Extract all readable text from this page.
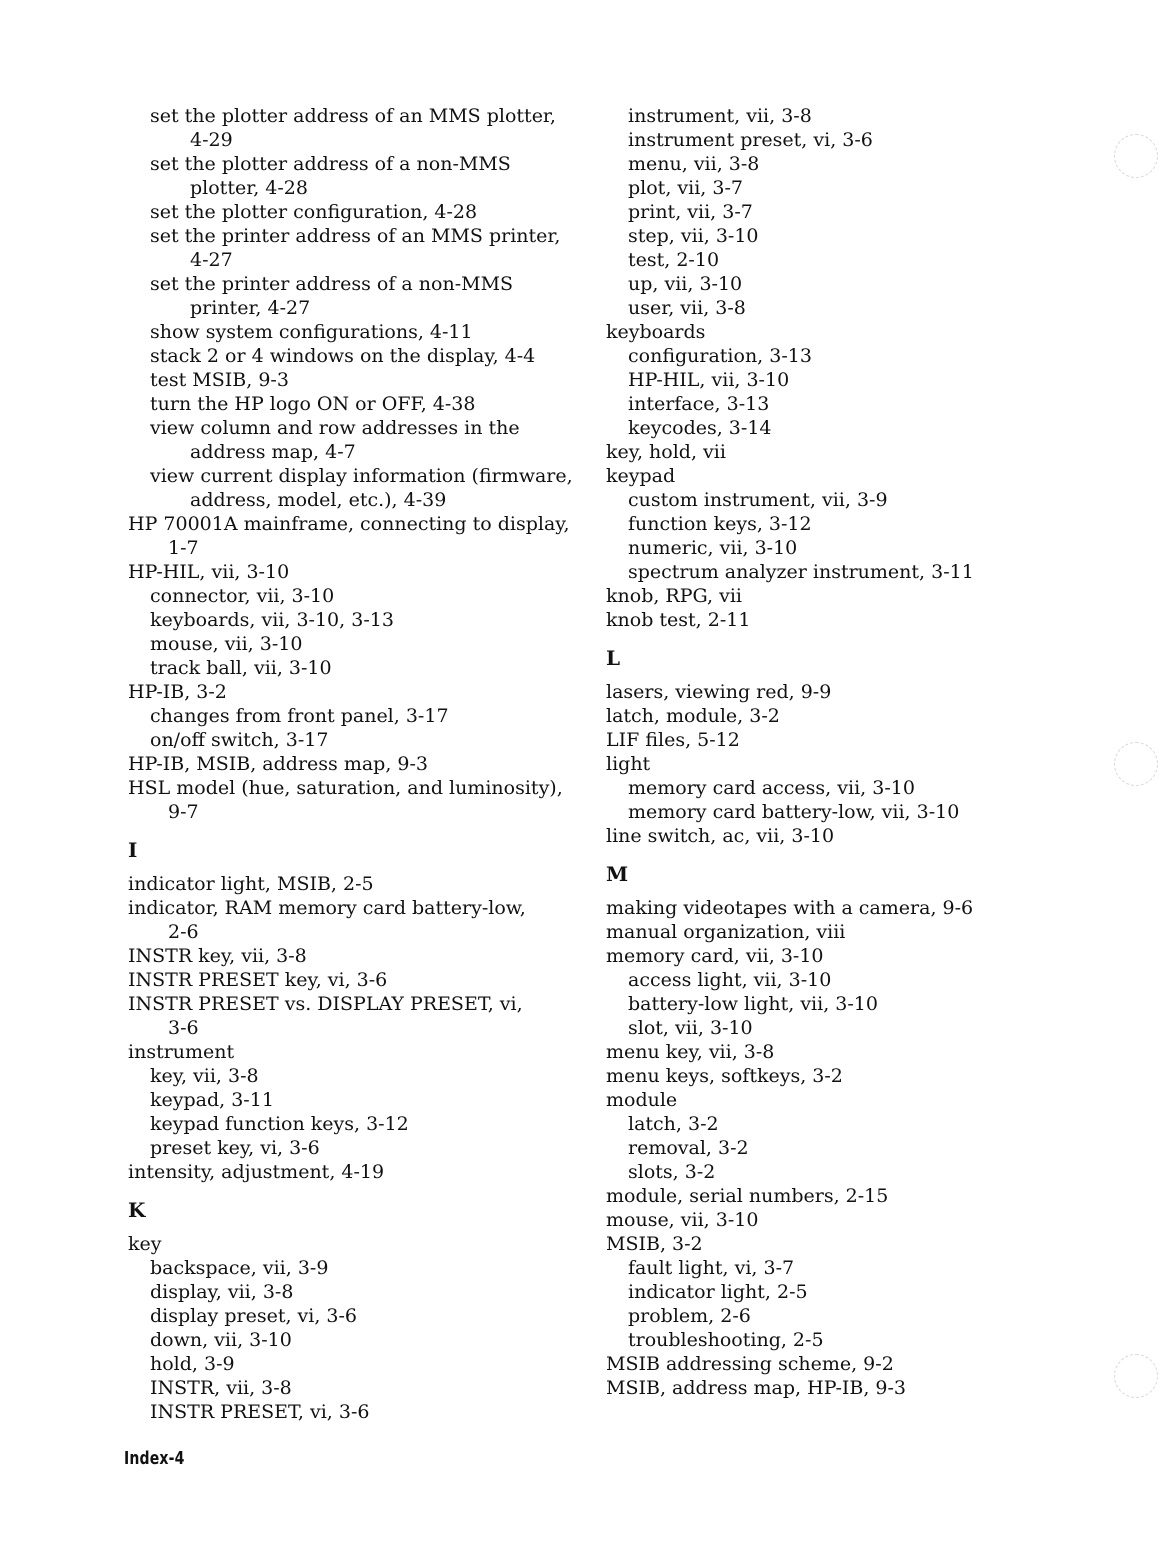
set the plotter address of an MMS plotter,
4-29
set the plotter address of a non-MMS
plotter, 4-28
set the plotter configuration, 4-28
set the printer address of an MMS printer,
4-27
set the printer address of a non-MMS
printer, 4-27
show system configurations, 4-11
stack 2 or 4 windows on the display, 4-4
test MSIB, 9-3
turn the HP logo ON or OFF, 4-38
view column and row addresses in the
address map, 4-7
view current display information (firmware,
address, model, etc.), 4-39
HP 70001A mainframe, connecting to display,
1-7
HP-HIL, vii, 3-10
connector, vii, 3-10
keyboards, vii, 3-10, 3-13
mouse, vii, 3-10
track ball, vii, 3-10
HP-IB, 3-2
changes from front panel, 3-17
on/off switch, 3-17
HP-IB, MSIB, address map, 9-3
HSL model (hue, saturation, and luminosity),
9-7
I
indicator light, MSIB, 2-5
indicator, RAM memory card battery-low,
2-6
INSTR key, vii, 3-8
INSTR PRESET key, vi, 3-6
INSTR PRESET vs. DISPLAY PRESET, vi,
3-6
instrument
key, vii, 3-8
keypad, 3-11
keypad function keys, 3-12
preset key, vi, 3-6
intensity, adjustment, 4-19
K
key
backspace, vii, 3-9
display, vii, 3-8
display preset, vi, 3-6
down, vii, 3-10
hold, 3-9
INSTR, vii, 3-8
INSTR PRESET, vi, 3-6
instrument, vii, 3-8
instrument preset, vi, 3-6
menu, vii, 3-8
plot, vii, 3-7
print, vii, 3-7
step, vii, 3-10
test, 2-10
up, vii, 3-10
user, vii, 3-8
keyboards
configuration, 3-13
HP-HIL, vii, 3-10
interface, 3-13
keycodes, 3-14
key, hold, vii
keypad
custom instrument, vii, 3-9
function keys, 3-12
numeric, vii, 3-10
spectrum analyzer instrument, 3-11
knob, RPG, vii
knob test, 2-11
L
lasers, viewing red, 9-9
latch, module, 3-2
LIF files, 5-12
light
memory card access, vii, 3-10
memory card battery-low, vii, 3-10
line switch, ac, vii, 3-10
M
making videotapes with a camera, 9-6
manual organization, viii
memory card, vii, 3-10
access light, vii, 3-10
battery-low light, vii, 3-10
slot, vii, 3-10
menu key, vii, 3-8
menu keys, softkeys, 3-2
module
latch, 3-2
removal, 3-2
slots, 3-2
module, serial numbers, 2-15
mouse, vii, 3-10
MSIB, 3-2
fault light, vi, 3-7
indicator light, 2-5
problem, 2-6
troubleshooting, 2-5
MSIB addressing scheme, 9-2
MSIB, address map, HP-IB, 9-3
Index-4
